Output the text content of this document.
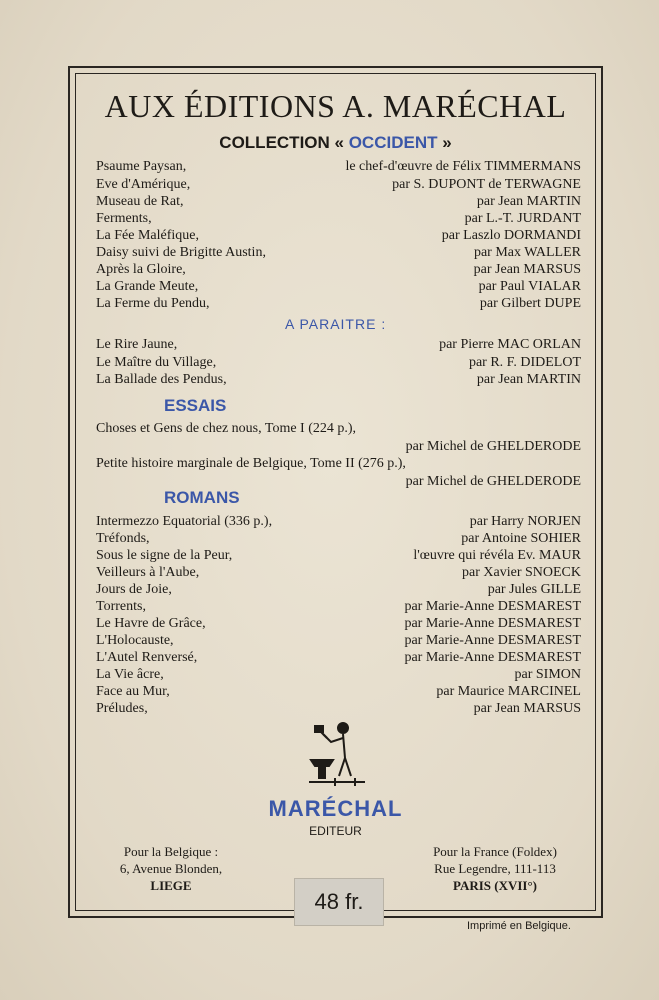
AUX ÉDITIONS A. MARÉCHAL
COLLECTION « OCCIDENT »
Psaume Paysan,	le chef-d'œuvre de Félix TIMMERMANS
Eve d'Amérique,	par S. DUPONT de TERWAGNE
Museau de Rat,	par Jean MARTIN
Ferments,	par L.-T. JURDANT
La Fée Maléfique,	par Laszlo DORMANDI
Daisy suivi de Brigitte Austin,	par Max WALLER
Après la Gloire,	par Jean MARSUS
La Grande Meute,	par Paul VIALAR
La Ferme du Pendu,	par Gilbert DUPE
A PARAITRE :
Le Rire Jaune,	par Pierre MAC ORLAN
Le Maître du Village,	par R. F. DIDELOT
La Ballade des Pendus,	par Jean MARTIN
ESSAIS
Choses et Gens de chez nous, Tome I (224 p.),
par Michel de GHELDERODE
Petite histoire marginale de Belgique, Tome II (276 p.),
par Michel de GHELDERODE
ROMANS
Intermezzo Equatorial (336 p.),	par Harry NORJEN
Tréfonds,	par Antoine SOHIER
Sous le signe de la Peur,	l'œuvre qui révéla Ev. MAUR
Veilleurs à l'Aube,	par Xavier SNOECK
Jours de Joie,	par Jules GILLE
Torrents,	par Marie-Anne DESMAREST
Le Havre de Grâce,	par Marie-Anne DESMAREST
L'Holocauste,	par Marie-Anne DESMAREST
L'Autel Renversé,	par Marie-Anne DESMAREST
La Vie âcre,	par SIMON
Face au Mur,	par Maurice MARCINEL
Préludes,	par Jean MARSUS
MARÉCHAL
EDITEUR
Pour la Belgique :
6, Avenue Blonden,
LIEGE
Pour la France (Foldex)
Rue Legendre, 111-113
PARIS (XVII°)
48 fr.
Imprimé en Belgique.
